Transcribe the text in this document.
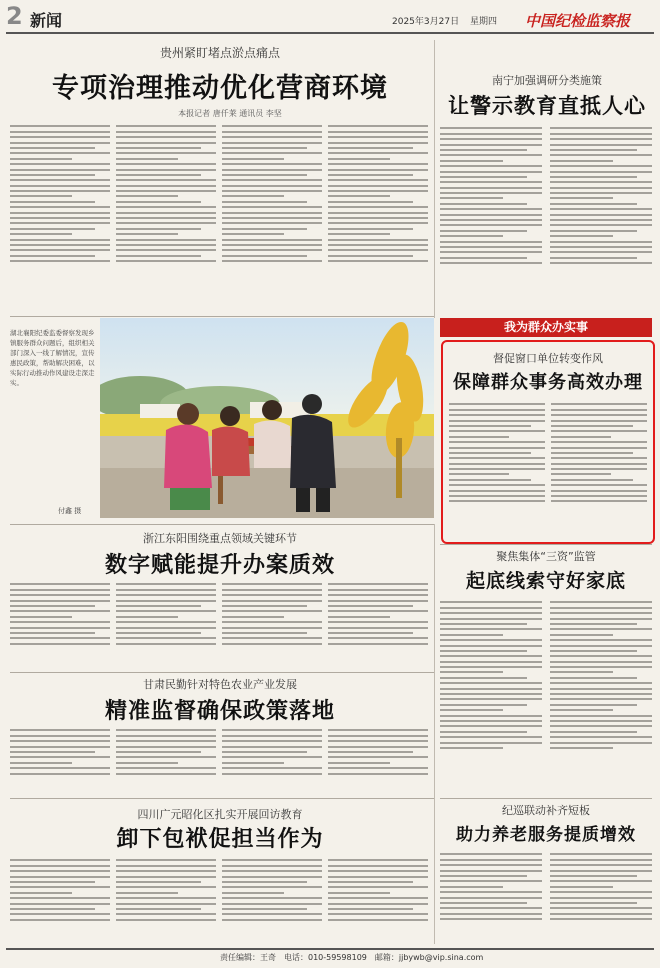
2 新闻	2025年3月27日 星期四 中国纪检监察报
贵州紧盯堵点淤点痛点
专项治理推动优化营商环境
本报记者 唐仟莱 通讯员 李坚
南宁加强调研分类施策
让警示教育直抵人心
我为群众办实事
湖北襄阳纪委监委督察发现乡镇服务群众问题后，组织相关部门深入一线了解情况，宣传惠民政策，帮助解决困难，以实际行动推动作风建设走深走实。
付鑫 摄
督促窗口单位转变作风
保障群众事务高效办理
浙江东阳围绕重点领域关键环节
数字赋能提升办案质效	聚焦集体“三资”监管
起底线索守好家底
甘肃民勤针对特色农业产业发展
精准监督确保政策落地
纪巡联动补齐短板
助力养老服务提质增效
四川广元昭化区扎实开展回访教育
卸下包袱促担当作为
责任编辑：王奇　电话：010-59598109　邮箱：jjbywb@vip.sina.com
